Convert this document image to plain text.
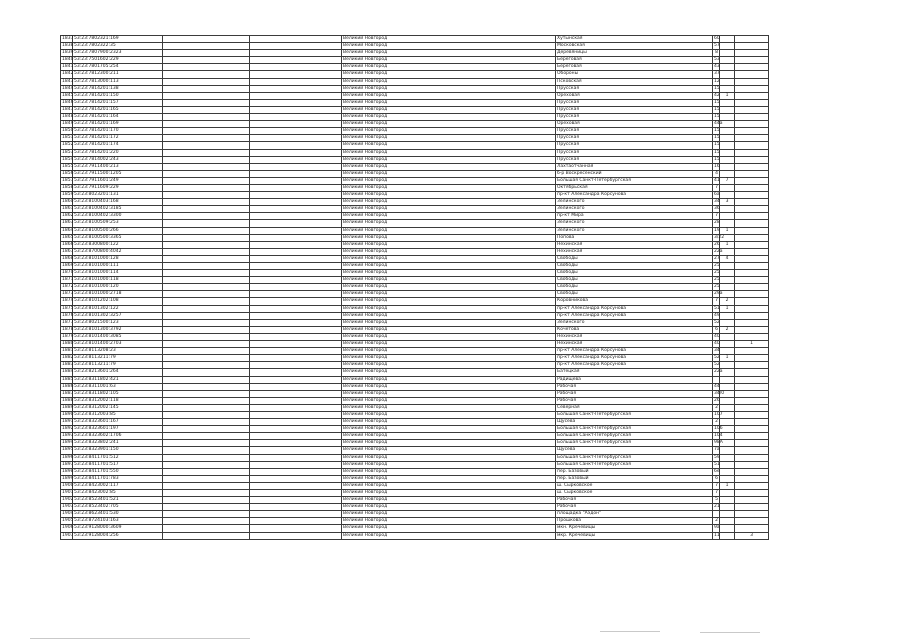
1837	53:23:7802321:169			Великий Новгород	Хутынская	60		
1838	53:23:7802322:35			Великий Новгород	Московская	57		
1839	53:23:7807900:2323			Великий Новгород	Деревяницы	8		
1840	53:23:7501602:229			Великий Новгород	Береговая	53		
1841	53:23:7801705:254			Великий Новгород	Береговая	43		
1842	53:23:7812300:211			Великий Новгород	Обороны	37		
1843	53:23:7813000:113			Великий Новгород	Псковская	12		
1844	53:23:7814201:138			Великий Новгород	Прусская	15		
1845	53:23:7814201:150			Великий Новгород	Ореховая	42	1	
1846	53:23:7814201:157			Великий Новгород	Прусская	15		
1847	53:23:7814201:165			Великий Новгород	Прусская	15		
1848	53:23:7814201:164			Великий Новгород	Прусская	15		
1849	53:23:7814201:169			Великий Новгород	Ореховая	44а		
1850	53:23:7814201:170			Великий Новгород	Прусская	15		
1851	53:23:7814201:172			Великий Новгород	Прусская	15		
1852	53:23:7814201:174			Великий Новгород	Прусская	15		
1853	53:23:7814201:220			Великий Новгород	Прусская	15		
1854	53:23:7814002:243			Великий Новгород	Прусская	15		
1855	53:23:7911400:213			Великий Новгород	Лахтаотчанная	16		
1856	53:23:7911500:1205			Великий Новгород	б-р Воскресенский	4		
1857	53:23:7911601:249			Великий Новгород	Большая Санкт-Петербургская	41	7	
1858	53:23:7911609:229			Великий Новгород	Октябрьская	7		
1859	53:23:8023201:131			Великий Новгород	пр-кт Александра Корсунова	6а		
1860	53:23:8100403:168			Великий Новгород	Зелинского	34	3	
1861	53:23:8100402:3185			Великий Новгород	Зелинского	36		
1862	53:23:8100402:3300			Великий Новгород	пр-кт Мира	7		
1863	53:23:8100509:253			Великий Новгород	Зелинского	28		
1864	53:23:8100500:266			Великий Новгород	Зелинского	19	1	
1865	53:23:8100500:3365			Великий Новгород	Попова	3/22		
1866	53:23:8300800:122			Великий Новгород	Нехинская	26	1	
1867	53:23:8700800:4042			Великий Новгород	Нехинская	22а		
1868	53:23:8101000:128			Великий Новгород	Свободы	27	4	
1869	53:23:8101000:111			Великий Новгород	Свободы	25		
1870	53:23:8101000:114			Великий Новгород	Свободы	25		
1871	53:23:8101000:118			Великий Новгород	Свободы	25		
1872	53:23:8101000:120			Великий Новгород	Свободы	25		
1873	53:23:8101000:2718			Великий Новгород	Свободы	29а		
1874	53:23:8101202:108			Великий Новгород	Коровникова	7	2	
1875	53:23:8101302:122			Великий Новгород	пр-кт Александра Корсунова	51	1	
1876	53:23:8101302:3257			Великий Новгород	пр-кт Александра Корсунова	49		
1877	53:23:8021500:123			Великий Новгород	Зелинского	52		
1878	53:23:8101300:3792			Великий Новгород	Кочетова	6	2	
1879	53:23:8101400:3085			Великий Новгород	Нехинская	40		
1880	53:23:8101400:2703			Великий Новгород	Нехинская	40		1
1881	53:23:8113208:23			Великий Новгород	пр-кт Александра Корсунова	34		
1882	53:23:8113211:79			Великий Новгород	пр-кт Александра Корсунова	52	1	
1883	53:23:8113211:79			Великий Новгород	пр-кт Александра Корсунова	52		
1884	53:23:8213601:264			Великий Новгород	Батецкая	22а		
1885	53:23:8311802:421			Великий Новгород	Радищева			
1886	53:23:8311001:63			Великий Новгород	Рабочая	44		
1887	53:23:8311802:105			Великий Новгород	Рабочая	34/0		
1888	53:23:8312002:118			Великий Новгород	Рабочая	26		
1889	53:23:8312002:145			Великий Новгород	Северная	2		
1890	53:23:8312003:85			Великий Новгород	Большая Санкт-Петербургская	107		
1891	53:23:8323601:167			Великий Новгород	Щусева	2		
1892	53:23:8323601:197			Великий Новгород	Большая Санкт-Петербургская	106		
1893	53:23:8323602:1706			Великий Новгород	Большая Санкт-Петербургская	104		
1894	53:23:8323802:241			Великий Новгород	Большая Санкт-Петербургская	98А		
1895	53:23:8323901:150			Великий Новгород	Щусева	7а		
1896	53:23:8411701:512			Великий Новгород	Большая Санкт-Петербургская	59		
1897	53:23:8411701:517			Великий Новгород	Большая Санкт-Петербургская	51		
1898	53:23:8411701:550			Великий Новгород	пер. Базовый	6е		
1899	53:23:8411701:783			Великий Новгород	пер. Базовый	6		
1900	53:23:8423002:117			Великий Новгород	ш. Сырковское	7	1	
1901	53:23:8423002:85			Великий Новгород	ш. Сырковское	7		
1902	53:23:8523401:521			Великий Новгород	Рабочая	5		
1903	53:23:8523402:705			Великий Новгород	Рабочая	21		
1904	53:23:8623401:530			Великий Новгород	площадка "Аэдон"			
1905	53:23:8724103:163			Великий Новгород	Прошкова	2		
1906	53:23:9128000:3609			Великий Новгород	мкн. Кречевицы	9а		
1907	53:23:9128004:256			Великий Новгород	мкр. Кречевицы	11		3
